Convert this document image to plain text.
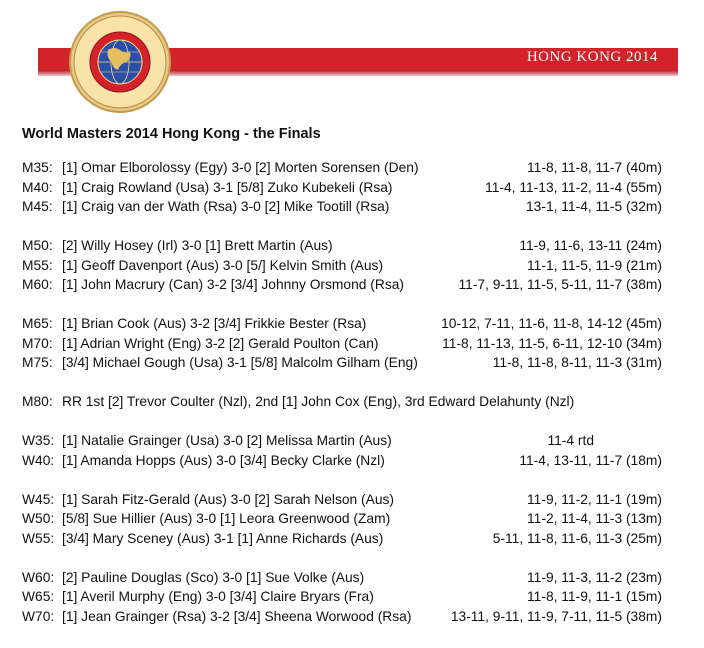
HONG KONG 2014
World Masters 2014 Hong Kong - the Finals
M35: [1] Omar Elborolossy (Egy) 3-0 [2] Morten Sorensen (Den)	11-8, 11-8, 11-7 (40m)
M40: [1] Craig Rowland (Usa) 3-1 [5/8] Zuko Kubekeli (Rsa)	11-4, 11-13, 11-2, 11-4 (55m)
M45: [1] Craig van der Wath (Rsa) 3-0 [2] Mike Tootill (Rsa)	13-1, 11-4, 11-5 (32m)
M50: [2] Willy Hosey (Irl) 3-0 [1] Brett Martin (Aus)	11-9, 11-6, 13-11 (24m)
M55: [1] Geoff Davenport (Aus) 3-0 [5/] Kelvin Smith (Aus)	11-1, 11-5, 11-9 (21m)
M60: [1] John Macrury (Can) 3-2 [3/4] Johnny Orsmond (Rsa)	11-7, 9-11, 11-5, 5-11, 11-7 (38m)
M65: [1] Brian Cook (Aus) 3-2 [3/4] Frikkie Bester (Rsa)	10-12, 7-11, 11-6, 11-8, 14-12 (45m)
M70: [1] Adrian Wright (Eng) 3-2 [2] Gerald Poulton (Can)	11-8, 11-13, 11-5, 6-11, 12-10 (34m)
M75: [3/4] Michael Gough (Usa) 3-1 [5/8] Malcolm Gilham (Eng)	11-8, 11-8, 8-11, 11-3 (31m)
M80: RR 1st [2] Trevor Coulter (Nzl), 2nd [1] John Cox (Eng), 3rd Edward Delahunty (Nzl)
W35: [1] Natalie Grainger (Usa) 3-0 [2] Melissa Martin (Aus)	11-4 rtd
W40: [1] Amanda Hopps (Aus) 3-0 [3/4] Becky Clarke (Nzl)	11-4, 13-11, 11-7 (18m)
W45: [1] Sarah Fitz-Gerald (Aus) 3-0 [2] Sarah Nelson (Aus)	11-9, 11-2, 11-1 (19m)
W50: [5/8] Sue Hillier (Aus) 3-0 [1] Leora Greenwood (Zam)	11-2, 11-4, 11-3 (13m)
W55: [3/4] Mary Sceney (Aus) 3-1 [1] Anne Richards (Aus)	5-11, 11-8, 11-6, 11-3 (25m)
W60: [2] Pauline Douglas (Sco) 3-0 [1] Sue Volke (Aus)	11-9, 11-3, 11-2 (23m)
W65: [1] Averil Murphy (Eng) 3-0 [3/4] Claire Bryars (Fra)	11-8, 11-9, 11-1 (15m)
W70: [1] Jean Grainger (Rsa) 3-2 [3/4] Sheena Worwood (Rsa)	13-11, 9-11, 11-9, 7-11, 11-5 (38m)
